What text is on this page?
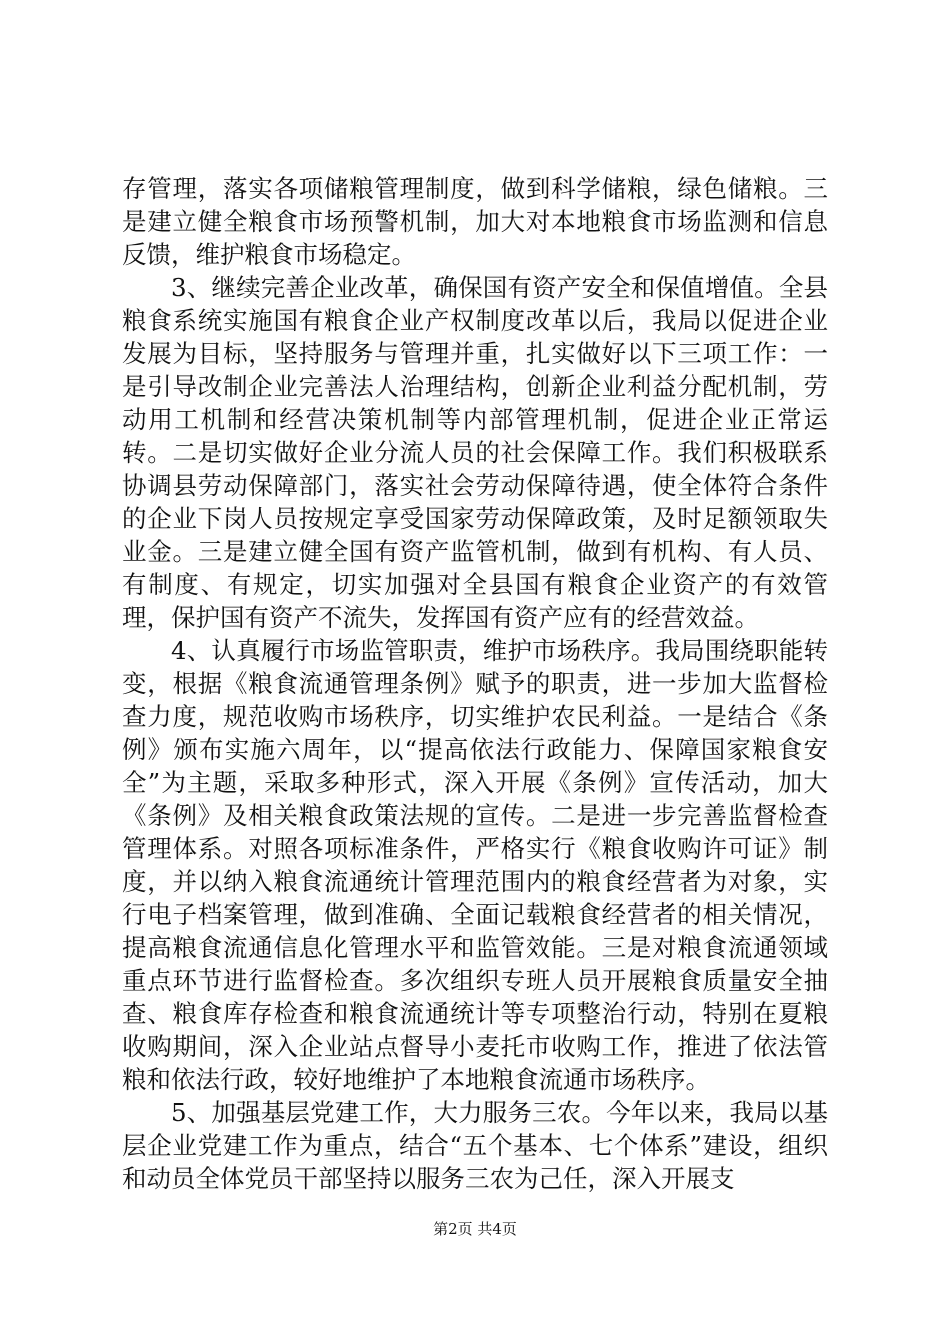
存管理，落实各项储粮管理制度，做到科学储粮，绿色储粮。三是建立健全粮食市场预警机制，加大对本地粮食市场监测和信息反馈，维护粮食市场稳定。

3、继续完善企业改革，确保国有资产安全和保值增值。全县粮食系统实施国有粮食企业产权制度改革以后，我局以促进企业发展为目标，坚持服务与管理并重，扎实做好以下三项工作：一是引导改制企业完善法人治理结构，创新企业利益分配机制，劳动用工机制和经营决策机制等内部管理机制，促进企业正常运转。二是切实做好企业分流人员的社会保障工作。我们积极联系协调县劳动保障部门，落实社会劳动保障待遇，使全体符合条件的企业下岗人员按规定享受国家劳动保障政策，及时足额领取失业金。三是建立健全国有资产监管机制，做到有机构、有人员、有制度、有规定，切实加强对全县国有粮食企业资产的有效管理，保护国有资产不流失，发挥国有资产应有的经营效益。

4、认真履行市场监管职责，维护市场秩序。我局围绕职能转变，根据《粮食流通管理条例》赋予的职责，进一步加大监督检查力度，规范收购市场秩序，切实维护农民利益。一是结合《条例》颁布实施六周年，以“提高依法行政能力、保障国家粮食安全”为主题，采取多种形式，深入开展《条例》宣传活动，加大《条例》及相关粮食政策法规的宣传。二是进一步完善监督检查管理体系。对照各项标准条件，严格实行《粮食收购许可证》制度，并以纳入粮食流通统计管理范围内的粮食经营者为对象，实行电子档案管理，做到准确、全面记载粮食经营者的相关情况，提高粮食流通信息化管理水平和监管效能。三是对粮食流通领域重点环节进行监督检查。多次组织专班人员开展粮食质量安全抽查、粮食库存检查和粮食流通统计等专项整治行动，特别在夏粮收购期间，深入企业站点督导小麦托市收购工作，推进了依法管粮和依法行政，较好地维护了本地粮食流通市场秩序。

5、加强基层党建工作，大力服务三农。今年以来，我局以基层企业党建工作为重点，结合“五个基本、七个体系”建设，组织和动员全体党员干部坚持以服务三农为己任，深入开展支

第2页 共4页
